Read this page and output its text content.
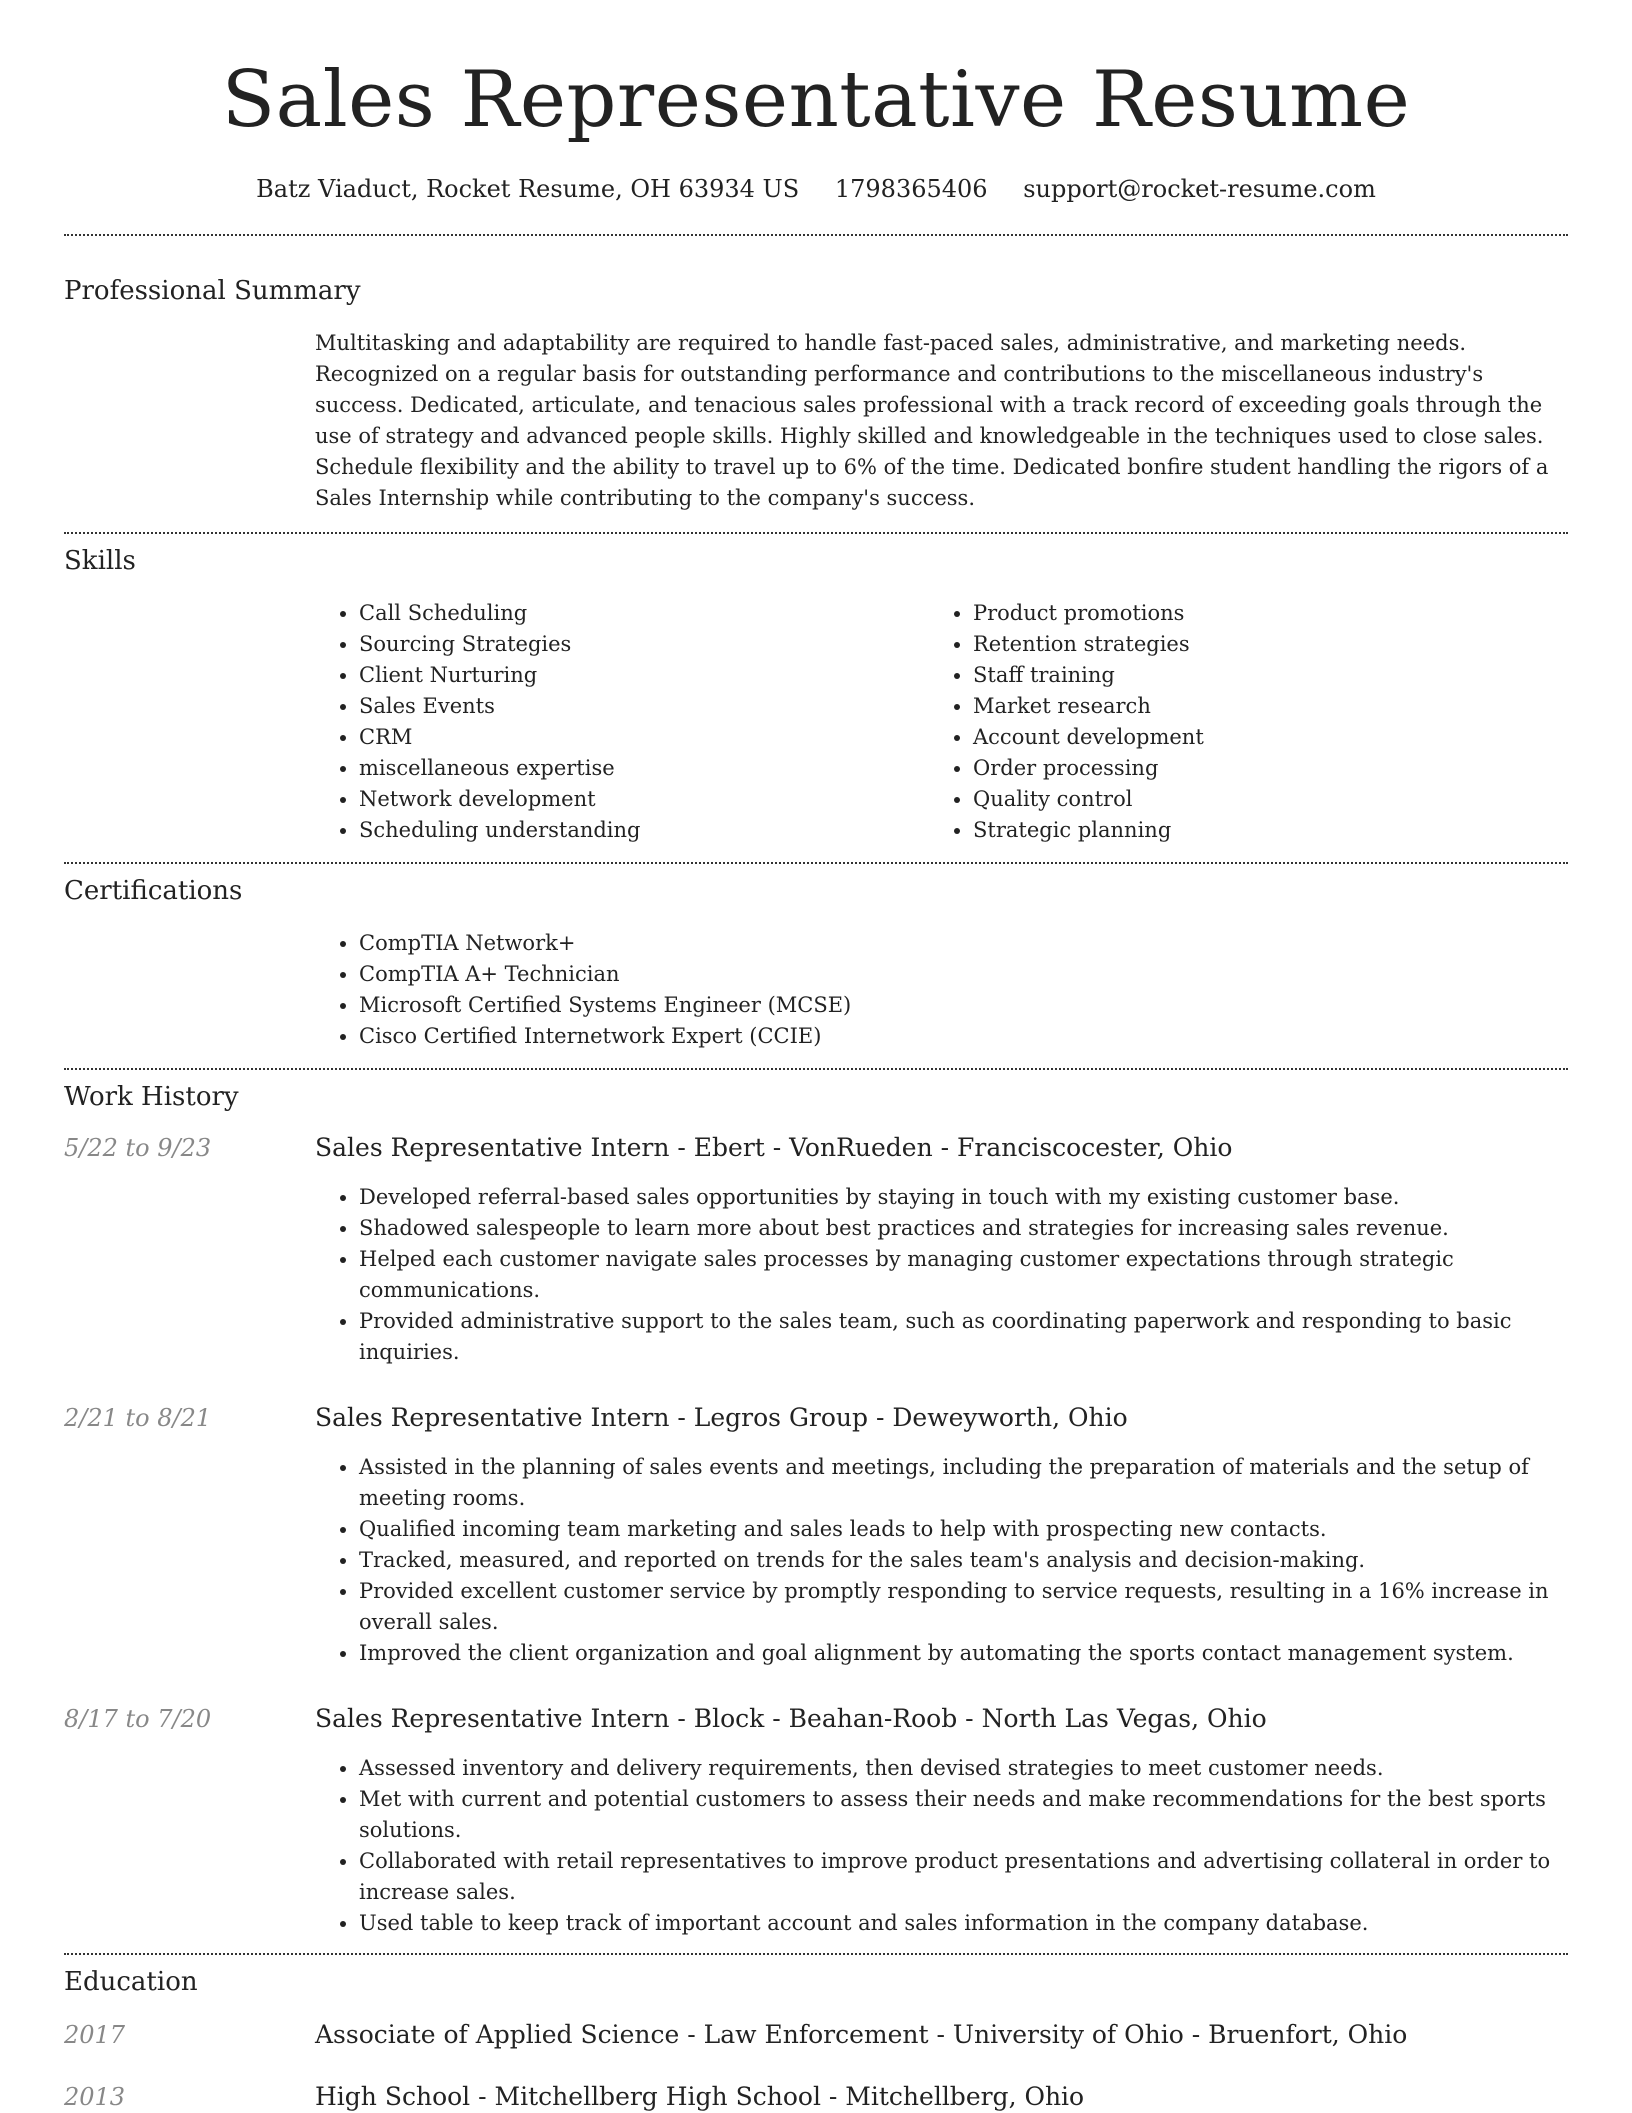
Sales Representative Resume
Batz Viaduct, Rocket Resume, OH 63934 US 1798365406 support@rocket-resume.com
Professional Summary

Multitasking and adaptability are required to handle fast-paced sales, administrative, and marketing needs. Recognized on a regular basis for outstanding performance and contributions to the miscellaneous industry's success. Dedicated, articulate, and tenacious sales professional with a track record of exceeding goals through the use of strategy and advanced people skills. Highly skilled and knowledgeable in the techniques used to close sales. Schedule flexibility and the ability to travel up to 6% of the time. Dedicated bonfire student handling the rigors of a Sales Internship while contributing to the company's success.

Skills
• Call Scheduling
• Sourcing Strategies
• Client Nurturing
• Sales Events
• CRM
• miscellaneous expertise
• Network development
• Scheduling understanding
• Product promotions
• Retention strategies
• Staff training
• Market research
• Account development
• Order processing
• Quality control
• Strategic planning
Certifications
• CompTIA Network+
• CompTIA A+ Technician
• Microsoft Certified Systems Engineer (MCSE)
• Cisco Certified Internetwork Expert (CCIE)
Work History
5/22 to 9/23	Sales Representative Intern - Ebert - VonRueden - Franciscocester, Ohio

• Developed referral-based sales opportunities by staying in touch with my existing customer base.
• Shadowed salespeople to learn more about best practices and strategies for increasing sales revenue.
• Helped each customer navigate sales processes by managing customer expectations through strategic communications.
• Provided administrative support to the sales team, such as coordinating paperwork and responding to basic inquiries.
2/21 to 8/21	Sales Representative Intern - Legros Group - Deweyworth, Ohio

• Assisted in the planning of sales events and meetings, including the preparation of materials and the setup of meeting rooms.
• Qualified incoming team marketing and sales leads to help with prospecting new contacts.
• Tracked, measured, and reported on trends for the sales team's analysis and decision-making.
• Provided excellent customer service by promptly responding to service requests, resulting in a 16% increase in overall sales.
• Improved the client organization and goal alignment by automating the sports contact management system.
8/17 to 7/20	Sales Representative Intern - Block - Beahan-Roob - North Las Vegas, Ohio

• Assessed inventory and delivery requirements, then devised strategies to meet customer needs.
• Met with current and potential customers to assess their needs and make recommendations for the best sports solutions.
• Collaborated with retail representatives to improve product presentations and advertising collateral in order to increase sales.
• Used table to keep track of important account and sales information in the company database.
Education
2017	Associate of Applied Science - Law Enforcement - University of Ohio - Bruenfort, Ohio

2013	High School - Mitchellberg High School - Mitchellberg, Ohio
